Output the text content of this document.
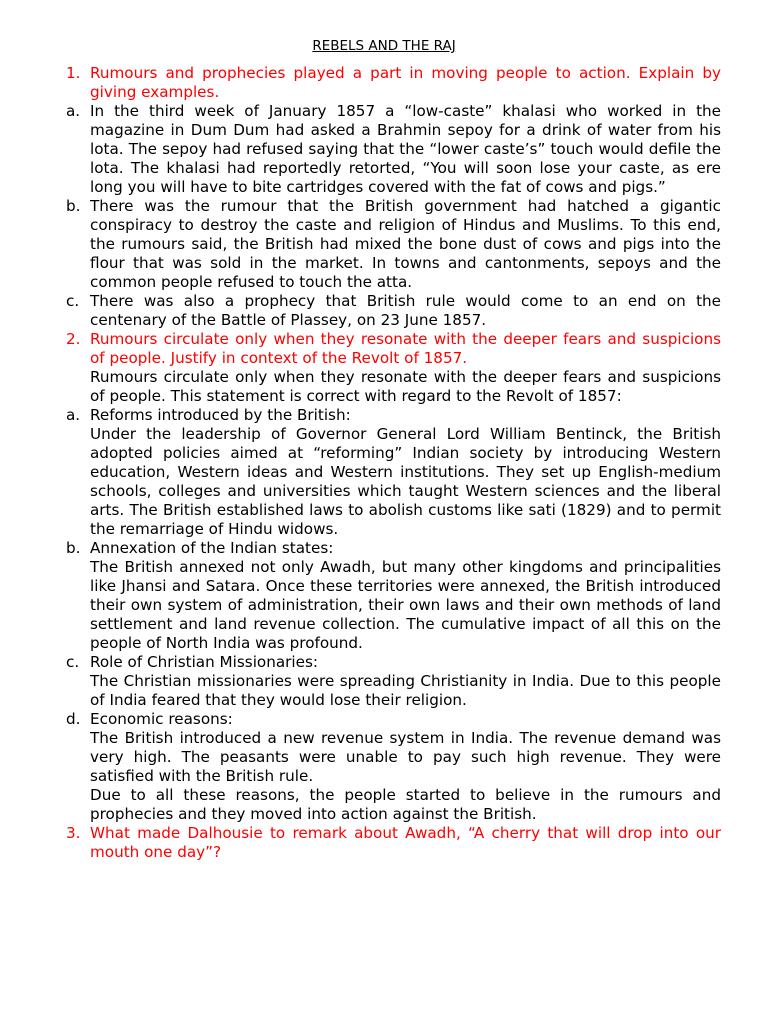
REBELS AND THE RAJ
1. Rumours and prophecies played a part in moving people to action. Explain by giving examples.
a. In the third week of January 1857 a “low-caste” khalasi who worked in the magazine in Dum Dum had asked a Brahmin sepoy for a drink of water from his lota. The sepoy had refused saying that the “lower caste’s” touch would defile the lota. The khalasi had reportedly retorted, “You will soon lose your caste, as ere long you will have to bite cartridges covered with the fat of cows and pigs.”
b. There was the rumour that the British government had hatched a gigantic conspiracy to destroy the caste and religion of Hindus and Muslims. To this end, the rumours said, the British had mixed the bone dust of cows and pigs into the flour that was sold in the market. In towns and cantonments, sepoys and the common people refused to touch the atta.
c. There was also a prophecy that British rule would come to an end on the centenary of the Battle of Plassey, on 23 June 1857.
2. Rumours circulate only when they resonate with the deeper fears and suspicions of people. Justify in context of the Revolt of 1857.
Rumours circulate only when they resonate with the deeper fears and suspicions of people. This statement is correct with regard to the Revolt of 1857:
a. Reforms introduced by the British:
Under the leadership of Governor General Lord William Bentinck, the British adopted policies aimed at “reforming” Indian society by introducing Western education, Western ideas and Western institutions. They set up English-medium schools, colleges and universities which taught Western sciences and the liberal arts. The British established laws to abolish customs like sati (1829) and to permit the remarriage of Hindu widows.
b. Annexation of the Indian states:
The British annexed not only Awadh, but many other kingdoms and principalities like Jhansi and Satara. Once these territories were annexed, the British introduced their own system of administration, their own laws and their own methods of land settlement and land revenue collection. The cumulative impact of all this on the people of North India was profound.
c. Role of Christian Missionaries:
The Christian missionaries were spreading Christianity in India. Due to this people of India feared that they would lose their religion.
d. Economic reasons:
The British introduced a new revenue system in India. The revenue demand was very high. The peasants were unable to pay such high revenue. They were satisfied with the British rule.
Due to all these reasons, the people started to believe in the rumours and prophecies and they moved into action against the British.
3. What made Dalhousie to remark about Awadh, “A cherry that will drop into our mouth one day”?
